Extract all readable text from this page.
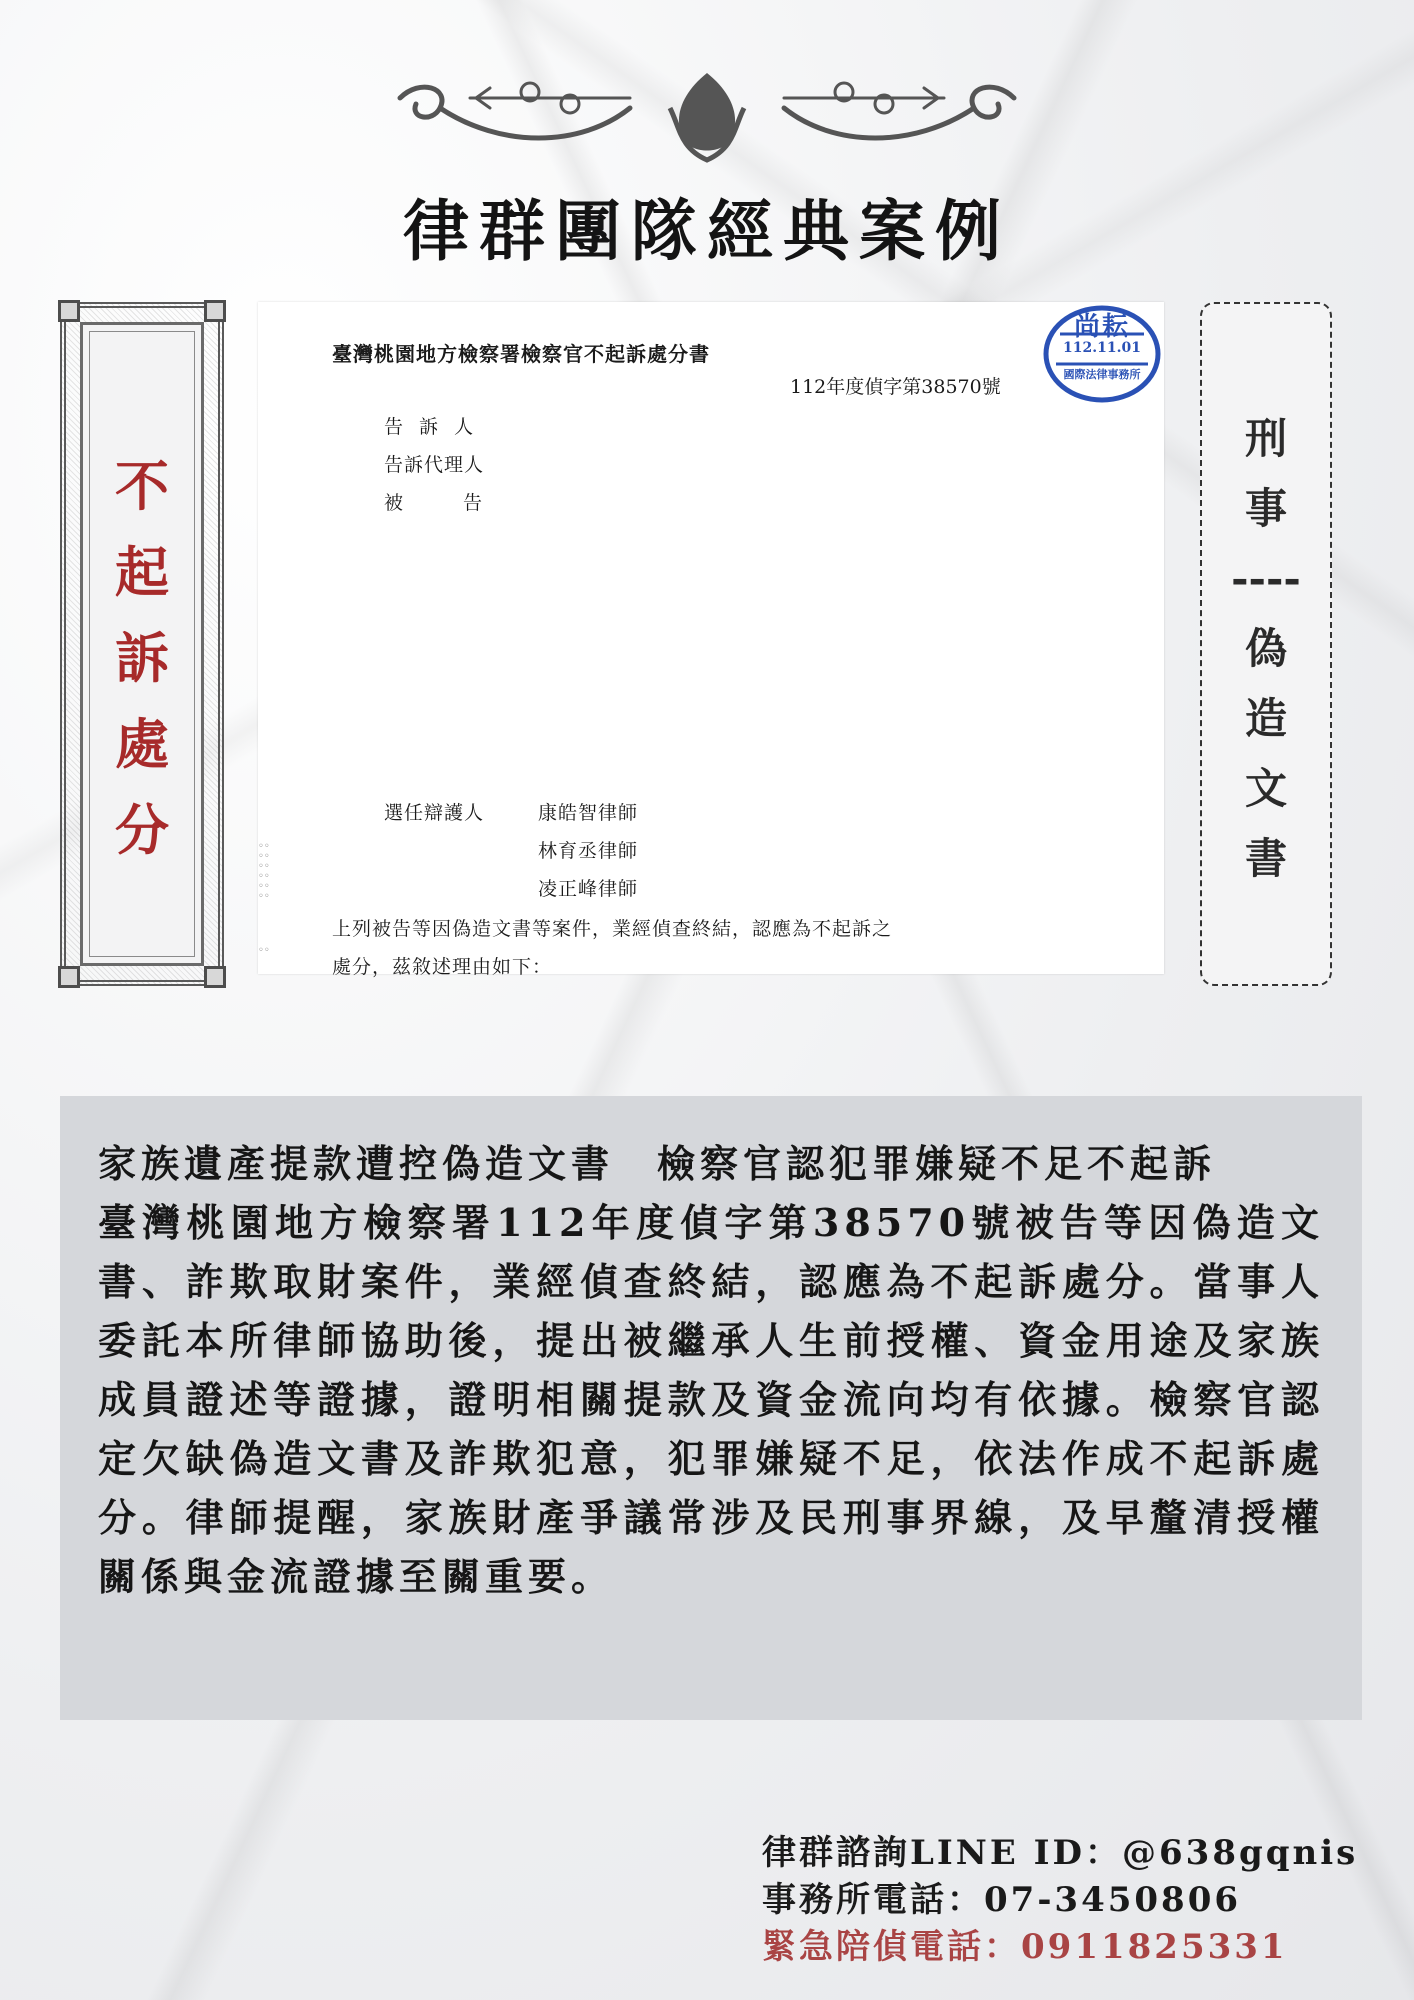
律群團隊經典案例
不
起
訴
處
分
臺灣桃園地方檢察署檢察官不起訴處分書
112年度偵字第38570號
告訴人
告訴代理人
被告
選任辯護人	康皓智律師
林育丞律師
凌正峰律師
上列被告等因偽造文書等案件，業經偵查終結，認應為不起訴之
處分，茲敘述理由如下：
◦◦
◦◦
◦◦
◦◦
◦◦
◦◦
◦◦
尚耘
112.11.01
國際法律事務所
刑
事
----
偽
造
文
書

家族遺產提款遭控偽造文書　檢察官認犯罪嫌疑不足不起訴
臺灣桃園地方檢察署112年度偵字第38570號被告等因偽造文書、詐欺取財案件，業經偵查終結，認應為不起訴處分。當事人委託本所律師協助後，提出被繼承人生前授權、資金用途及家族成員證述等證據，證明相關提款及資金流向均有依據。檢察官認定欠缺偽造文書及詐欺犯意，犯罪嫌疑不足，依法作成不起訴處分。律師提醒，家族財產爭議常涉及民刑事界線，及早釐清授權關係與金流證據至關重要。

律群諮詢LINE ID：@638gqnis
事務所電話：07-3450806
緊急陪偵電話：0911825331
